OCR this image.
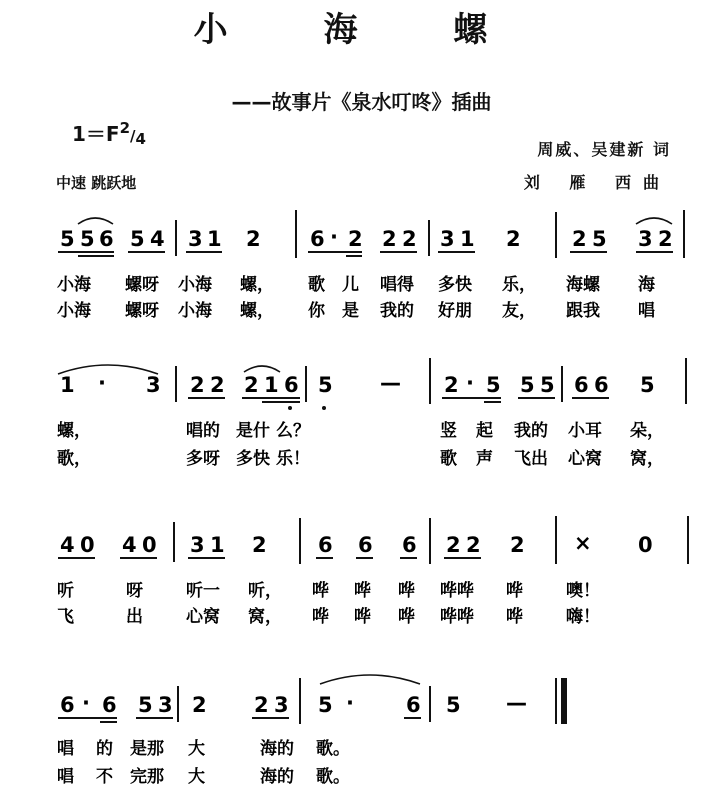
小 海 螺
——故事片《泉水叮咚》插曲
$1=F^2/4$
中速 跳跃地
周威、吴建新 词
刘 雁 西曲
5 5 6 5 4 3 1 2 6 · 2 2 2 3 1 2 2 5 3 2
小海 螺呀 小海 螺， 歌 儿 唱得 多快 乐， 海螺 海
小海 螺呀 小海 螺， 你 是 我的 好朋 友， 跟我 唱
1 · 3 2 2 2 1 6 5 — 2 · 5 5 5 6 6 5
螺，	唱的 是什 么？	竖 起 我的 小耳 朵，
歌，	多呀 多快 乐！	歌 声 飞出 心窝 窝，
4 0 4 0 3 1 2 6 6 6 2 2 2 × 0
听	呀	听一 听， 哗 哗 哗 哗哗 哗	噢！
飞	出	心窝 窝， 哗 哗 哗 哗哗 哗	嗨！
6 · 6 5 3 2 2 3 5 · 6 5 —
唱 的 是那 大	海的 歌。
唱 不 完那 大	海的 歌。
